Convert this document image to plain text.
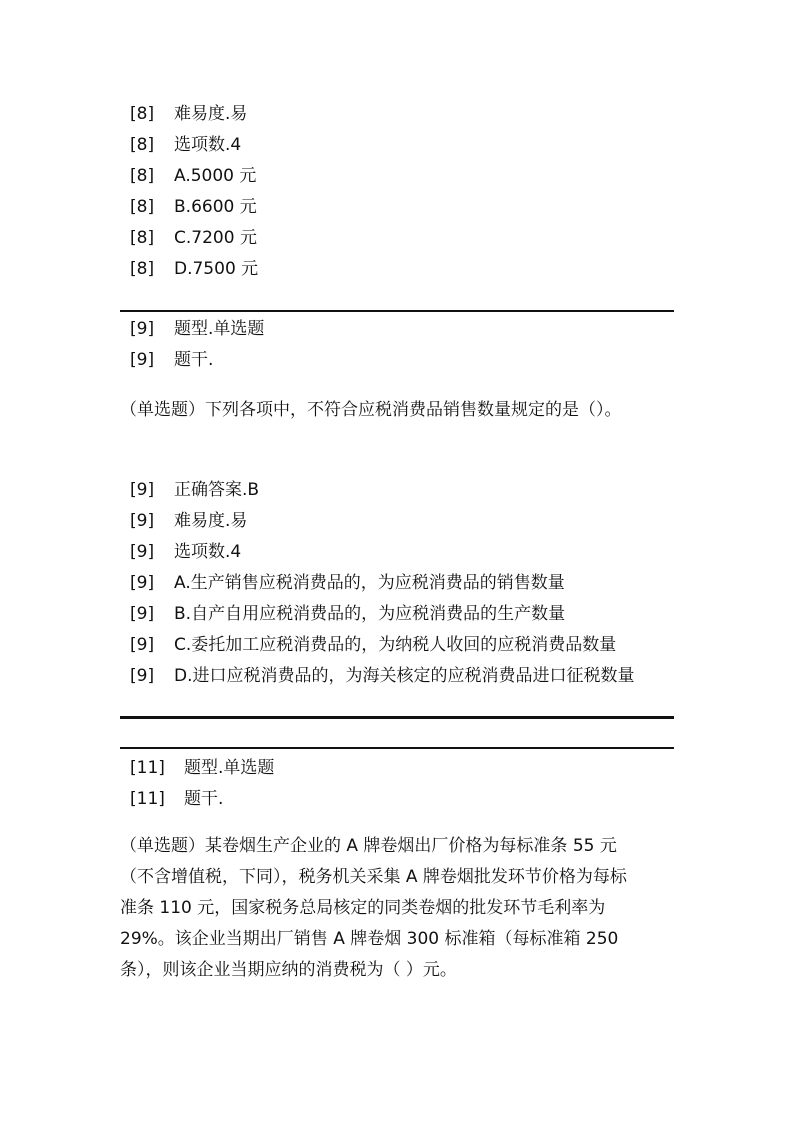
[8] 难易度.易
[8] 选项数.4
[8] A.5000 元
[8] B.6600 元
[8] C.7200 元
[8] D.7500 元
[9] 题型.单选题
[9] 题干.
（单选题）下列各项中，不符合应税消费品销售数量规定的是（）。
[9] 正确答案.B
[9] 难易度.易
[9] 选项数.4
[9] A.生产销售应税消费品的，为应税消费品的销售数量
[9] B.自产自用应税消费品的，为应税消费品的生产数量
[9] C.委托加工应税消费品的，为纳税人收回的应税消费品数量
[9] D.进口应税消费品的，为海关核定的应税消费品进口征税数量
[11] 题型.单选题
[11] 题干.
（单选题）某卷烟生产企业的 A 牌卷烟出厂价格为每标准条 55 元
（不含增值税，下同），税务机关采集 A 牌卷烟批发环节价格为每标
准条 110 元，国家税务总局核定的同类卷烟的批发环节毛利率为
29%。该企业当期出厂销售 A 牌卷烟 300 标准箱（每标准箱 250
条），则该企业当期应纳的消费税为（ ）元。
